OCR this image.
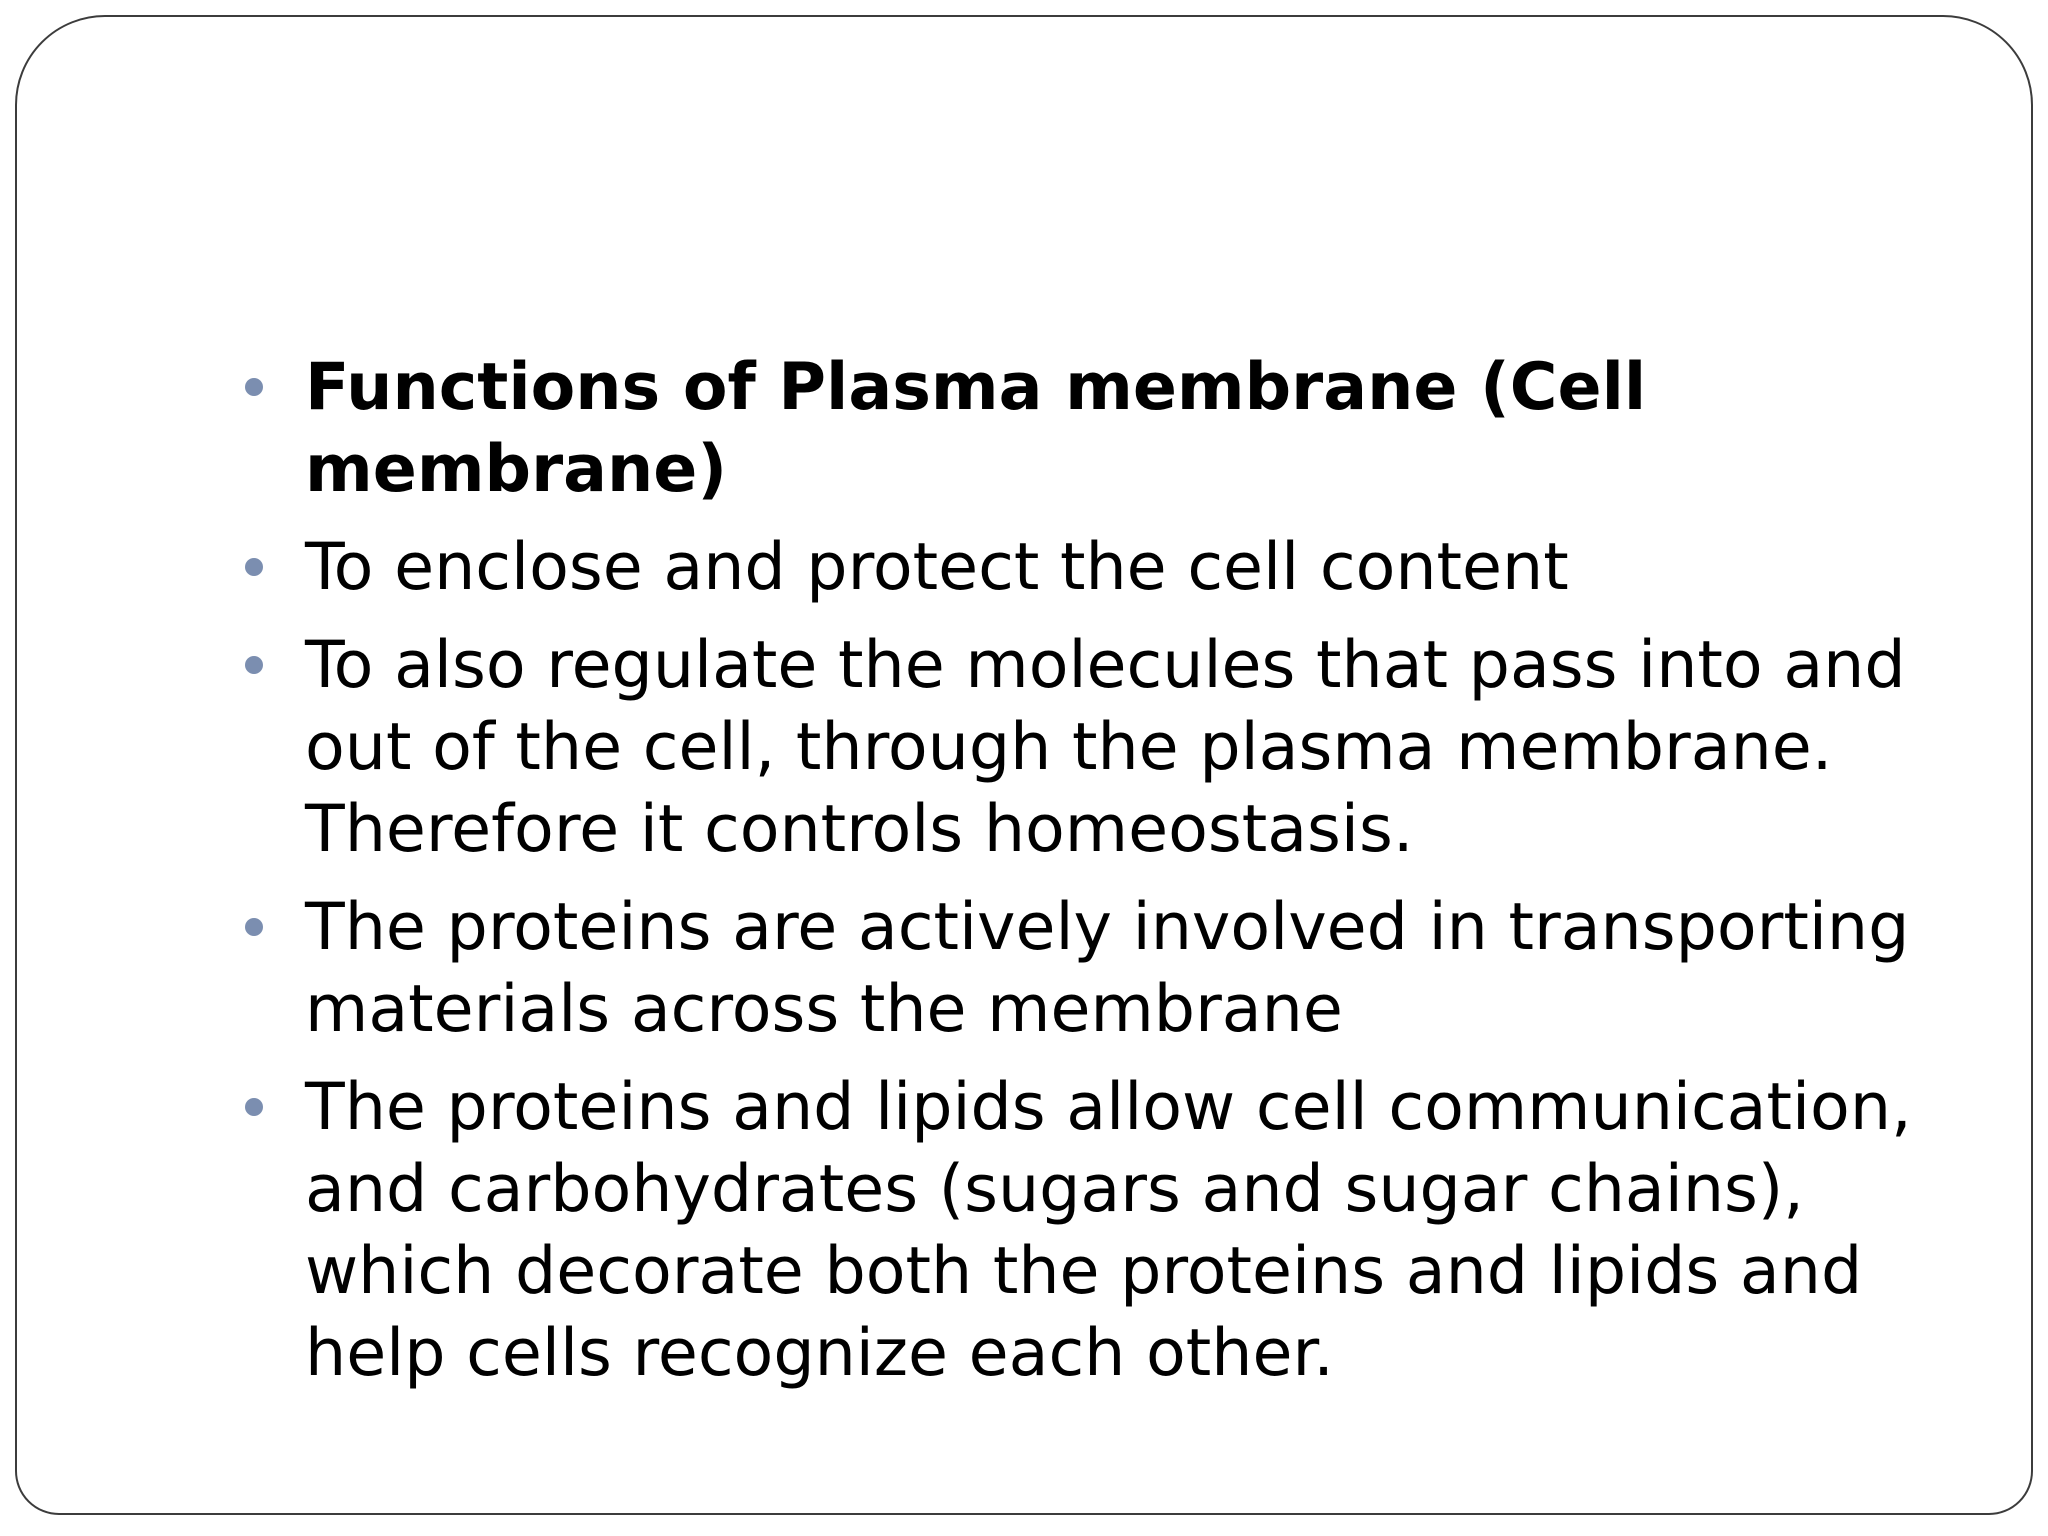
Functions of Plasma membrane (Cell membrane)
To enclose and protect the cell content
To also regulate the molecules that pass into and out of the cell, through the plasma membrane. Therefore it controls homeostasis.
The proteins are actively involved in transporting materials across the membrane
The proteins and lipids allow cell communication, and carbohydrates (sugars and sugar chains), which decorate both the proteins and lipids and help cells recognize each other.
